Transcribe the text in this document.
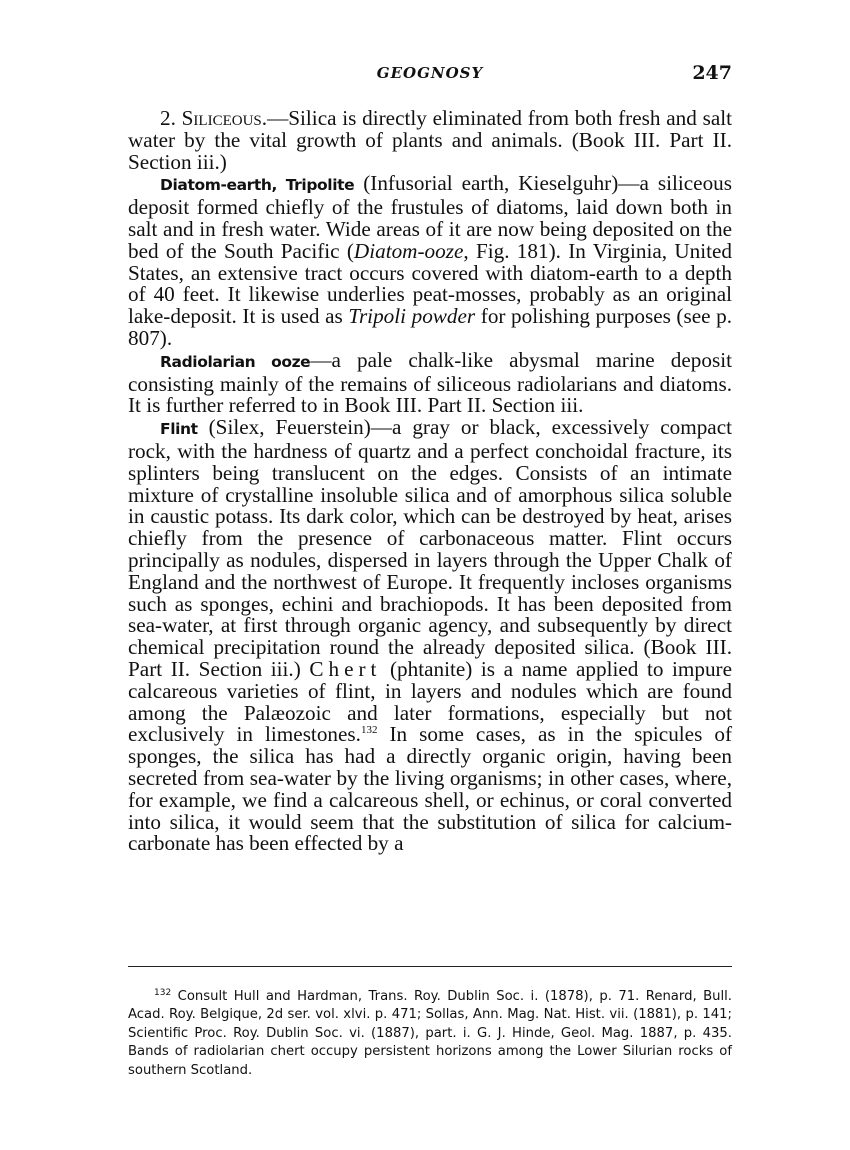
GEOGNOSY	247

2. Siliceous.—Silica is directly eliminated from both fresh and salt water by the vital growth of plants and animals. (Book III. Part II. Section iii.)

Diatom-earth, Tripolite (Infusorial earth, Kieselguhr)—a siliceous deposit formed chiefly of the frustules of diatoms, laid down both in salt and in fresh water. Wide areas of it are now being deposited on the bed of the South Pacific (Diatom-ooze, Fig. 181). In Virginia, United States, an extensive tract occurs covered with diatom-earth to a depth of 40 feet. It likewise underlies peat-mosses, probably as an original lake-deposit. It is used as Tripoli powder for polishing purposes (see p. 807).

Radiolarian ooze—a pale chalk-like abysmal marine deposit consisting mainly of the remains of siliceous radiolarians and diatoms. It is further referred to in Book III. Part II. Section iii.

Flint (Silex, Feuerstein)—a gray or black, excessively compact rock, with the hardness of quartz and a perfect conchoidal fracture, its splinters being translucent on the edges. Consists of an intimate mixture of crystalline insoluble silica and of amorphous silica soluble in caustic potass. Its dark color, which can be destroyed by heat, arises chiefly from the presence of carbonaceous matter. Flint occurs principally as nodules, dispersed in layers through the Upper Chalk of England and the northwest of Europe. It frequently incloses organisms such as sponges, echini and brachiopods. It has been deposited from sea-water, at first through organic agency, and subsequently by direct chemical precipitation round the already deposited silica. (Book III. Part II. Section iii.) Chert (phtanite) is a name applied to impure calcareous varieties of flint, in layers and nodules which are found among the Palæozoic and later formations, especially but not exclusively in limestones.$^{132}$ In some cases, as in the spicules of sponges, the silica has had a directly organic origin, having been secreted from sea-water by the living organisms; in other cases, where, for example, we find a calcareous shell, or echinus, or coral converted into silica, it would seem that the substitution of silica for calcium-carbonate has been effected by a

$^{132}$ Consult Hull and Hardman, Trans. Roy. Dublin Soc. i. (1878), p. 71. Renard, Bull. Acad. Roy. Belgique, 2d ser. vol. xlvi. p. 471; Sollas, Ann. Mag. Nat. Hist. vii. (1881), p. 141; Scientific Proc. Roy. Dublin Soc. vi. (1887), part. i. G. J. Hinde, Geol. Mag. 1887, p. 435. Bands of radiolarian chert occupy persistent horizons among the Lower Silurian rocks of southern Scotland.
